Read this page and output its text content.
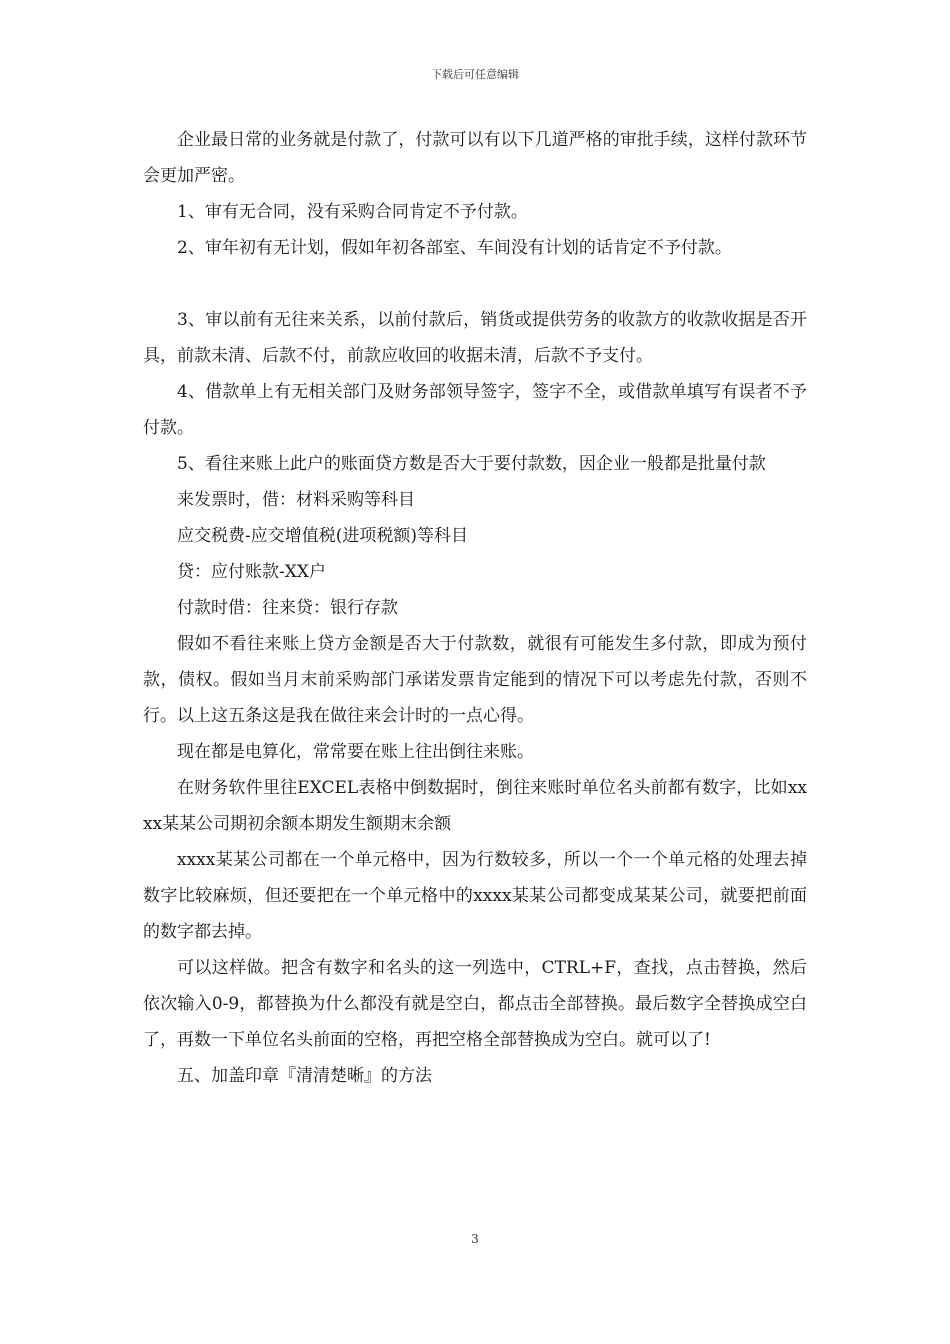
下载后可任意编辑

企业最日常的业务就是付款了，付款可以有以下几道严格的审批手续，这样付款环节会更加严密。

1、审有无合同，没有采购合同肯定不予付款。

2、审年初有无计划，假如年初各部室、车间没有计划的话肯定不予付款。

3、审以前有无往来关系，以前付款后，销货或提供劳务的收款方的收款收据是否开具，前款未清、后款不付，前款应收回的收据未清，后款不予支付。

4、借款单上有无相关部门及财务部领导签字，签字不全，或借款单填写有误者不予付款。

5、看往来账上此户的账面贷方数是否大于要付款数，因企业一般都是批量付款

来发票时，借：材料采购等科目

应交税费-应交增值税(进项税额)等科目

贷：应付账款-XX户

付款时借：往来贷：银行存款

假如不看往来账上贷方金额是否大于付款数，就很有可能发生多付款，即成为预付款，债权。假如当月末前采购部门承诺发票肯定能到的情况下可以考虑先付款，否则不行。以上这五条这是我在做往来会计时的一点心得。

现在都是电算化，常常要在账上往出倒往来账。

在财务软件里往EXCEL表格中倒数据时，倒往来账时单位名头前都有数字，比如xxxx某某公司期初余额本期发生额期末余额

xxxx某某公司都在一个单元格中，因为行数较多，所以一个一个单元格的处理去掉数字比较麻烦，但还要把在一个单元格中的xxxx某某公司都变成某某公司，就要把前面的数字都去掉。

可以这样做。把含有数字和名头的这一列选中，CTRL+F，查找，点击替换，然后依次输入0-9，都替换为什么都没有就是空白，都点击全部替换。最后数字全替换成空白了，再数一下单位名头前面的空格，再把空格全部替换成为空白。就可以了!

五、加盖印章『清清楚晰』的方法

3
